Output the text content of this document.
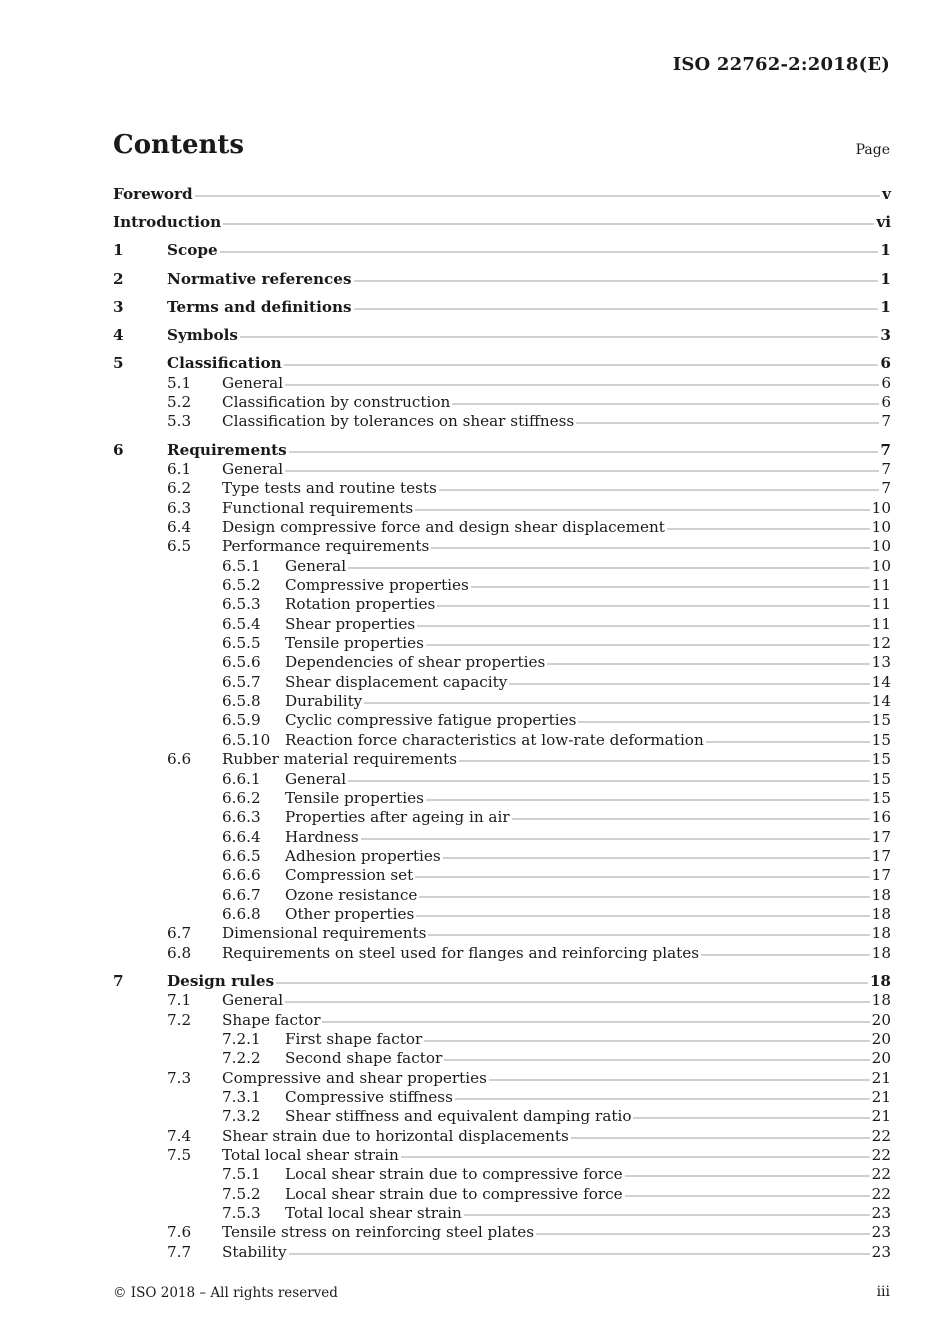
ISO 22762-2:2018(E)
Contents	Page
Foreword	v
Introduction	vi
1	Scope	1
2	Normative references	1
3	Terms and definitions	1
4	Symbols	3
5	Classification	6
5.1	General	6
5.2	Classification by construction	6
5.3	Classification by tolerances on shear stiffness	7
6	Requirements	7
6.1	General	7
6.2	Type tests and routine tests	7
6.3	Functional requirements	10
6.4	Design compressive force and design shear displacement	10
6.5	Performance requirements	10
6.5.1	General	10
6.5.2	Compressive properties	11
6.5.3	Rotation properties	11
6.5.4	Shear properties	11
6.5.5	Tensile properties	12
6.5.6	Dependencies of shear properties	13
6.5.7	Shear displacement capacity	14
6.5.8	Durability	14
6.5.9	Cyclic compressive fatigue properties	15
6.5.10 Reaction force characteristics at low-rate deformation	15
6.6	Rubber material requirements	15
6.6.1	General	15
6.6.2	Tensile properties	15
6.6.3	Properties after ageing in air	16
6.6.4	Hardness	17
6.6.5	Adhesion properties	17
6.6.6	Compression set	17
6.6.7	Ozone resistance	18
6.6.8	Other properties	18
6.7	Dimensional requirements	18
6.8	Requirements on steel used for flanges and reinforcing plates	18
7	Design rules	18
7.1	General	18
7.2	Shape factor	20
7.2.1	First shape factor	20
7.2.2	Second shape factor	20
7.3	Compressive and shear properties	21
7.3.1	Compressive stiffness	21
7.3.2	Shear stiffness and equivalent damping ratio	21
7.4	Shear strain due to horizontal displacements	22
7.5	Total local shear strain	22
7.5.1	Local shear strain due to compressive force	22
7.5.2	Local shear strain due to compressive force	22
7.5.3	Total local shear strain	23
7.6	Tensile stress on reinforcing steel plates	23
7.7	Stability	23
© ISO 2018 – All rights reserved	iii
